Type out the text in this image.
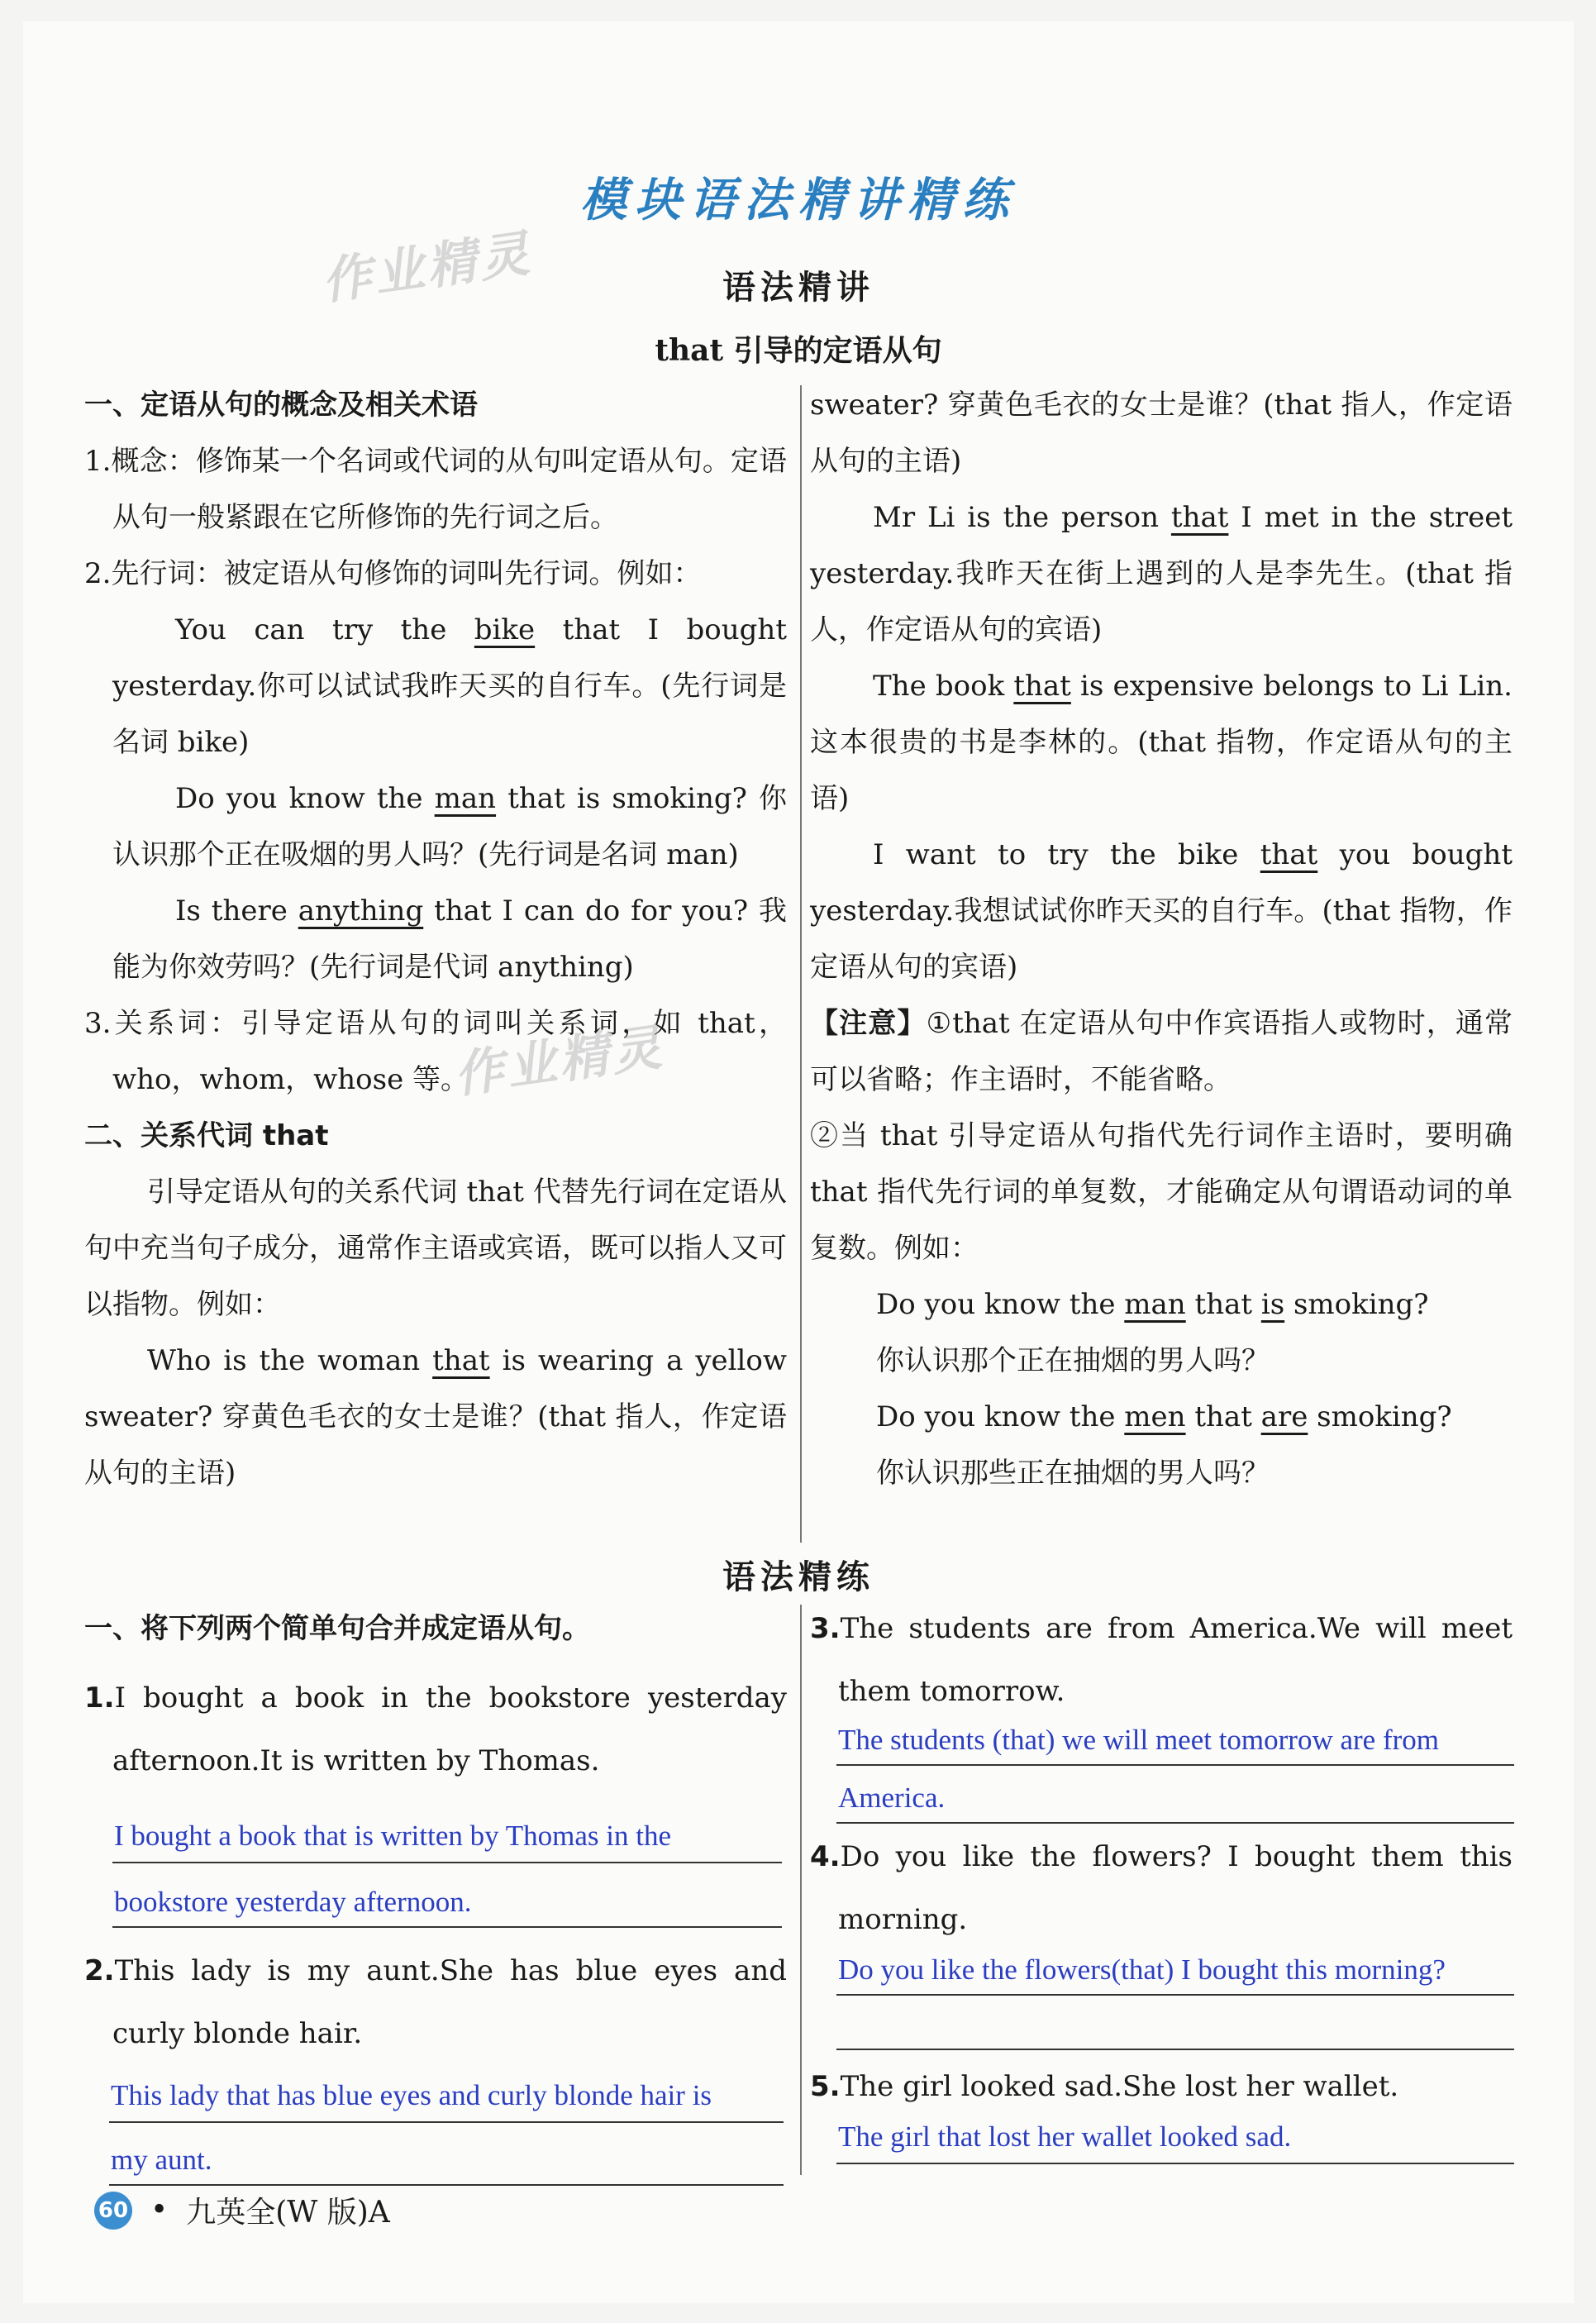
模块语法精讲精练
作业精灵
作业精灵
语法精讲
that 引导的定语从句

一、定语从句的概念及相关术语

1.概念：修饰某一个名词或代词的从句叫定语从句。定语从句一般紧跟在它所修饰的先行词之后。

2.先行词：被定语从句修饰的词叫先行词。例如：

You can try the bike that I bought yesterday.你可以试试我昨天买的自行车。(先行词是名词 bike)

Do you know the man that is smoking? 你认识那个正在吸烟的男人吗？(先行词是名词 man)

Is there anything that I can do for you? 我能为你效劳吗？(先行词是代词 anything)

3.关系词：引导定语从句的词叫关系词，如 that，who，whom，whose 等。

二、关系代词 that

引导定语从句的关系代词 that 代替先行词在定语从句中充当句子成分，通常作主语或宾语，既可以指人又可以指物。例如：

Who is the woman that is wearing a yellow sweater? 穿黄色毛衣的女士是谁？(that 指人，作定语从句的主语)

sweater? 穿黄色毛衣的女士是谁？(that 指人，作定语从句的主语)

Mr Li is the person that I met in the street yesterday.我昨天在街上遇到的人是李先生。(that 指人，作定语从句的宾语)

The book that is expensive belongs to Li Lin.这本很贵的书是李林的。(that 指物，作定语从句的主语)

I want to try the bike that you bought yesterday.我想试试你昨天买的自行车。(that 指物，作定语从句的宾语)

【注意】①that 在定语从句中作宾语指人或物时，通常可以省略；作主语时，不能省略。

②当 that 引导定语从句指代先行词作主语时，要明确 that 指代先行词的单复数，才能确定从句谓语动词的单复数。例如：

Do you know the man that is smoking?

你认识那个正在抽烟的男人吗？

Do you know the men that are smoking?

你认识那些正在抽烟的男人吗？

语法精练

一、将下列两个简单句合并成定语从句。

1.I bought a book in the bookstore yesterday afternoon.It is written by Thomas.

I bought a book that is written by Thomas in the
bookstore yesterday afternoon.

2.This lady is my aunt.She has blue eyes and curly blonde hair.

This lady that has blue eyes and curly blonde hair is
my aunt.

3.The students are from America.We will meet them tomorrow.

The students (that) we will meet tomorrow are from
America.

4.Do you like the flowers? I bought them this morning.

Do you like the flowers(that) I bought this morning?

5.The girl looked sad.She lost her wallet.

The girl that lost her wallet looked sad.
60 • 九英全(W 版)A
